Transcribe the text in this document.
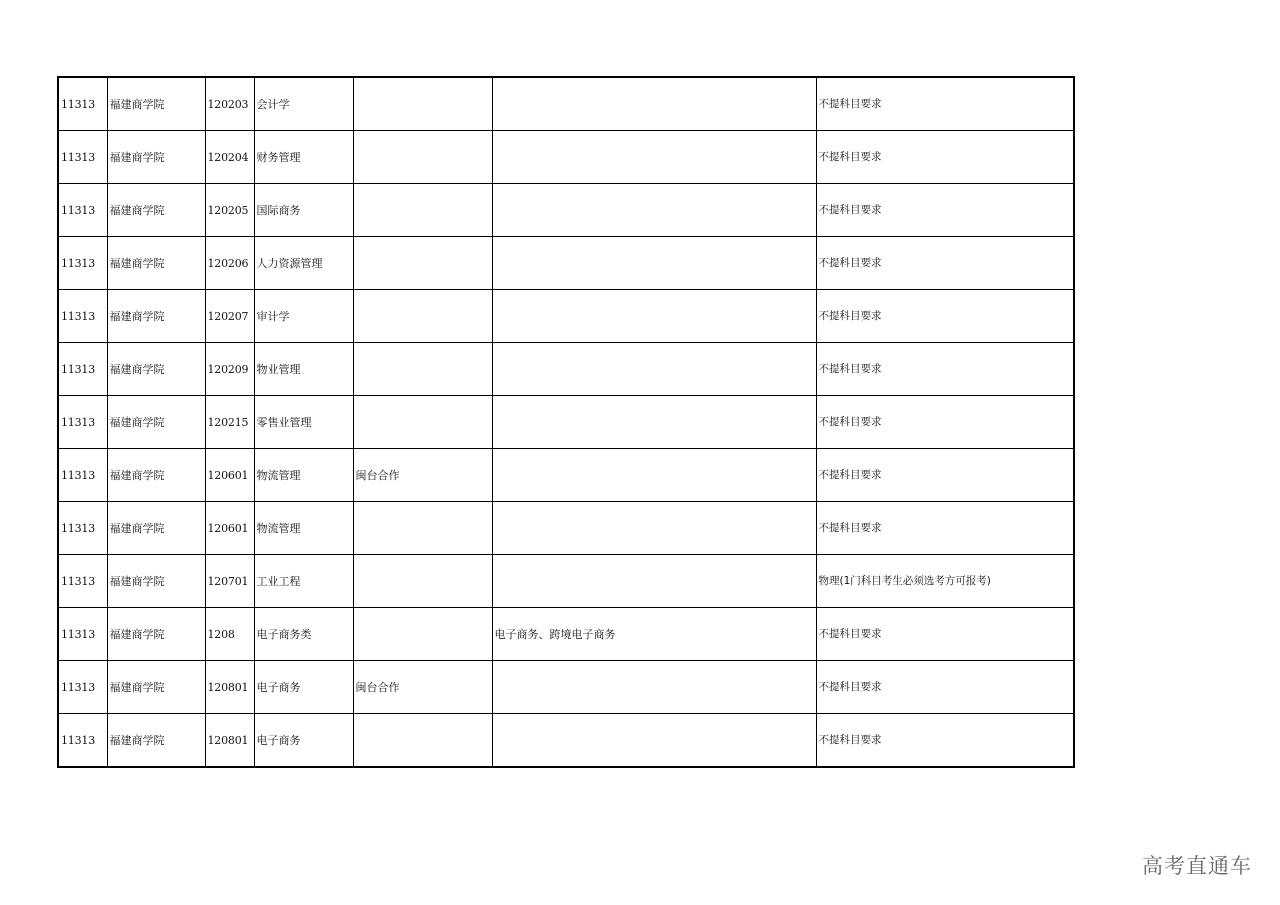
11313	福建商学院	120203	会计学			不提科目要求
11313	福建商学院	120204	财务管理			不提科目要求
11313	福建商学院	120205	国际商务			不提科目要求
11313	福建商学院	120206	人力资源管理			不提科目要求
11313	福建商学院	120207	审计学			不提科目要求
11313	福建商学院	120209	物业管理			不提科目要求
11313	福建商学院	120215	零售业管理			不提科目要求
11313	福建商学院	120601	物流管理	闽台合作		不提科目要求
11313	福建商学院	120601	物流管理			不提科目要求
11313	福建商学院	120701	工业工程			物理(1门科目考生必须选考方可报考)
11313	福建商学院	1208	电子商务类		电子商务、跨境电子商务	不提科目要求
11313	福建商学院	120801	电子商务	闽台合作		不提科目要求
11313	福建商学院	120801	电子商务			不提科目要求
高考直通车
